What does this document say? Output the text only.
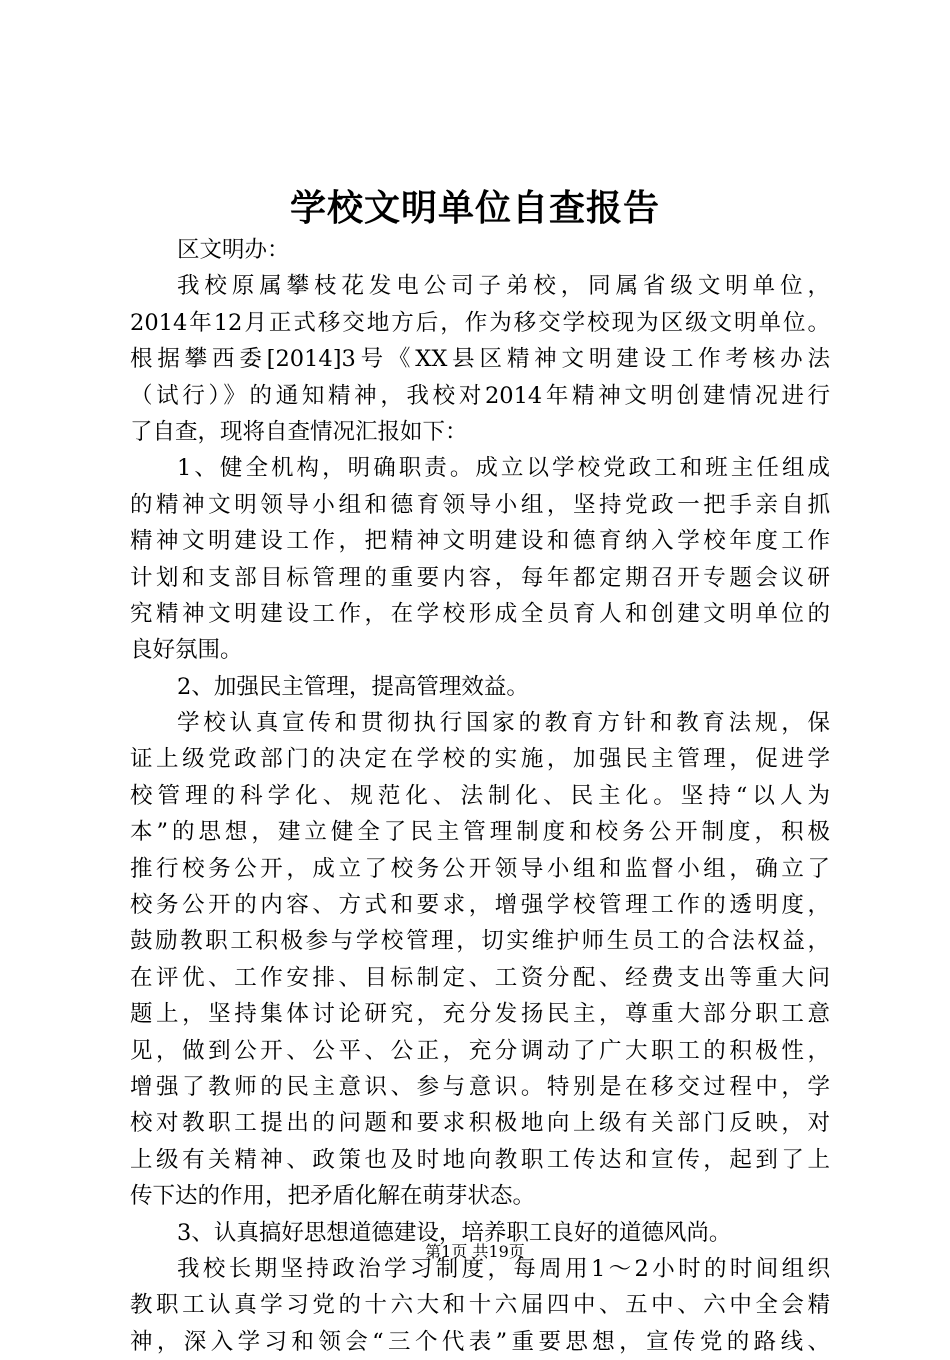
学校文明单位自查报告
区文明办：
我校原属攀枝花发电公司子弟校，同属省级文明单位，
2014年12月正式移交地方后，作为移交学校现为区级文明单位。
根据攀西委[2014]3号《XX县区精神文明建设工作考核办法
（试行）》的通知精神，我校对2014年精神文明创建情况进行
了自查，现将自查情况汇报如下：
1、健全机构，明确职责。成立以学校党政工和班主任组成
的精神文明领导小组和德育领导小组，坚持党政一把手亲自抓
精神文明建设工作，把精神文明建设和德育纳入学校年度工作
计划和支部目标管理的重要内容，每年都定期召开专题会议研
究精神文明建设工作，在学校形成全员育人和创建文明单位的
良好氛围。
2、加强民主管理，提高管理效益。
学校认真宣传和贯彻执行国家的教育方针和教育法规，保
证上级党政部门的决定在学校的实施，加强民主管理，促进学
校管理的科学化、规范化、法制化、民主化。坚持“以人为
本”的思想，建立健全了民主管理制度和校务公开制度，积极
推行校务公开，成立了校务公开领导小组和监督小组，确立了
校务公开的内容、方式和要求，增强学校管理工作的透明度，
鼓励教职工积极参与学校管理，切实维护师生员工的合法权益，
在评优、工作安排、目标制定、工资分配、经费支出等重大问
题上，坚持集体讨论研究，充分发扬民主，尊重大部分职工意
见，做到公开、公平、公正，充分调动了广大职工的积极性，
增强了教师的民主意识、参与意识。特别是在移交过程中，学
校对教职工提出的问题和要求积极地向上级有关部门反映，对
上级有关精神、政策也及时地向教职工传达和宣传，起到了上
传下达的作用，把矛盾化解在萌芽状态。
3、认真搞好思想道德建设，培养职工良好的道德风尚。
我校长期坚持政治学习制度，每周用1～2小时的时间组织
教职工认真学习党的十六大和十六届四中、五中、六中全会精
神，深入学习和领会“三个代表”重要思想，宣传党的路线、
第1页 共19页
